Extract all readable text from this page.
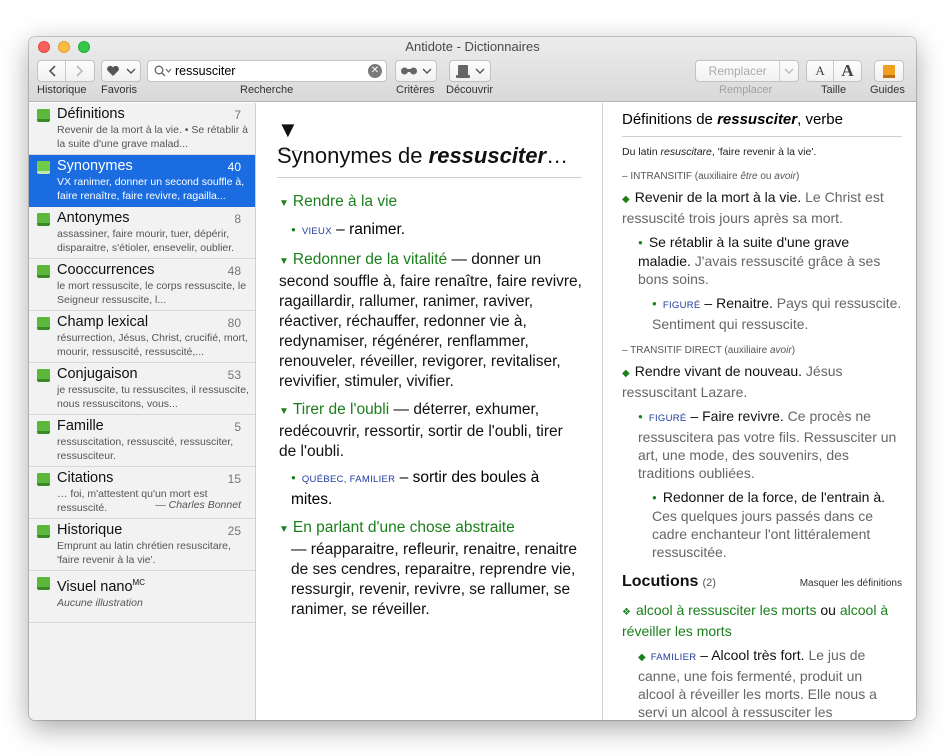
Antidote - Dictionnaires
Historique Favoris
ressusciter	✕
Recherche	Critères Découvrir
Remplacer
Remplacer
A A
Taille Guides
Définitions	7
Revenir de la mort à la vie. • Se rétablir à la suite d'une grave malad...
Synonymes	40
VX ranimer, donner un second souffle à, faire renaître, faire revivre, ragailla...
Antonymes	8
assassiner, faire mourir, tuer, dépérir, disparaitre, s'étioler, ensevelir, oublier.
Cooccurrences	48
le mort ressuscite, le corps ressuscite, le Seigneur ressuscite, l...
Champ lexical	80
résurrection, Jésus, Christ, crucifié, mort, mourir, ressuscité, ressuscité,...
Conjugaison	53
je ressuscite, tu ressuscites, il ressuscite, nous ressuscitons, vous...
Famille	5
ressuscitation, ressuscité, ressusciter, ressusciteur.
Citations	15
… foi, m'attestent qu'un mort est ressuscité.	— Charles Bonnet
Historique	25
Emprunt au latin chrétien resuscitare, 'faire revenir à la vie'.
Visuel nano$^{MC}$
Aucune illustration
▼
Synonymes de ressusciter…
▼ Rendre à la vie
● VIEUX – ranimer.
▼ Redonner de la vitalité — donner un second souffle à, faire renaître, faire revivre, ragaillardir, rallumer, ranimer, raviver, réactiver, réchauffer, redonner vie à, redynamiser, régénérer, renflammer, renouveler, réveiller, revigorer, revitaliser, revivifier, stimuler, vivifier.
▼ Tirer de l'oubli — déterrer, exhumer, redécouvrir, ressortir, sortir de l'oubli, tirer de l'oubli.
● QUÉBEC, FAMILIER – sortir des boules à mites.
▼ En parlant d'une chose abstraite
— réapparaitre, refleurir, renaitre, renaitre de ses cendres, reparaitre, reprendre vie, ressurgir, revenir, revivre, se rallumer, se ranimer, se réveiller.
Définitions de ressusciter, verbe
Du latin resuscitare, 'faire revenir à la vie'.
– INTRANSITIF (auxiliaire être ou avoir)
◆ Revenir de la mort à la vie. Le Christ est ressuscité trois jours après sa mort.
● Se rétablir à la suite d'une grave maladie. J'avais ressuscité grâce à ses bons soins.
● FIGURÉ – Renaitre. Pays qui ressuscite. Sentiment qui ressuscite.
– TRANSITIF DIRECT (auxiliaire avoir)
◆ Rendre vivant de nouveau. Jésus ressuscitant Lazare.
● FIGURÉ – Faire revivre. Ce procès ne ressuscitera pas votre fils. Ressusciter un art, une mode, des souvenirs, des traditions oubliées.
● Redonner de la force, de l'entrain à. Ces quelques jours passés dans ce cadre enchanteur l'ont littéralement ressuscitée.
Locutions (2)	Masquer les définitions
❖ alcool à ressusciter les morts ou alcool à réveiller les morts
◆ FAMILIER – Alcool très fort. Le jus de canne, une fois fermenté, produit un alcool à réveiller les morts. Elle nous a servi un alcool à ressusciter les
